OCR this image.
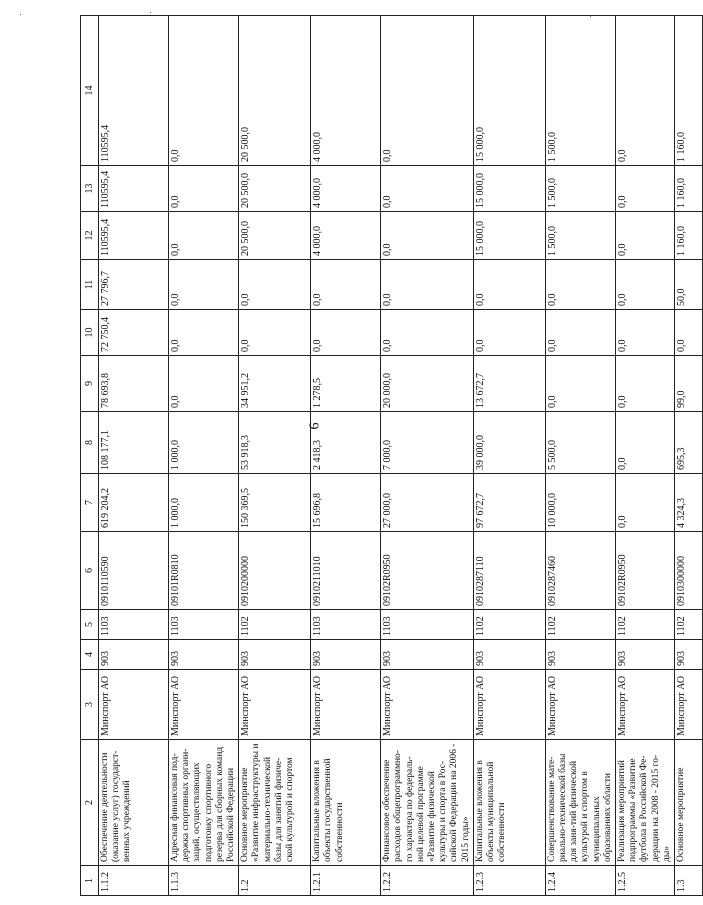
6
1	2	3	4	5	6	7	8	9	10	11	12	13	14
1.1.2	Обеспечение деятельности (оказание услуг) государст-венных учреждений	Минспорт АО	903	1103	0910110590	619 204,2	108 177,1	78 693,8	72 750,4	27 796,7	110595,4	110595,4	110595,4
1.1.3	Адресная финансовая под-держка спортивных органи-заций, осуществляющих подготовку спортивного резерва для сборных команд Российской Федерации	Минспорт АО	903	1103	09101R0810	1 000,0	1 000,0	0,0	0,0	0,0	0,0	0,0	0,0
1.2	Основное мероприятие «Развитие инфраструктуры и материально-технической базы для занятий физиче-ской культурой и спортом	Минспорт АО	903	1102	0910200000	150 369,5	53 918,3	34 951,2	0,0	0,0	20 500,0	20 500,0	20 500,0
1.2.1	Капитальные вложения в объекты государственной собственности	Минспорт АО	903	1103	0910211010	15 696,8	2 418,3	1 278,5	0,0	0,0	4 000,0	4 000,0	4 000,0
1.2.2	Финансовое обеспечение расходов общепрограммно-го характера по федераль-ной целевой программе «Развитие физической культуры и спорта в Рос-сийской Федерации на 2006 - 2015 годы»	Минспорт АО	903	1103	09102R0950	27 000,0	7 000,0	20 000,0	0,0	0,0	0,0	0,0	0,0
1.2.3	Капитальные вложения в объекты муниципальной собственности	Минспорт АО	903	1102	0910287110	97 672,7	39 000,0	13 672,7	0,0	0,0	15 000,0	15 000,0	15 000,0
1.2.4	Совершенствование мате-риально-технической базы для заня-тий физической культурой и спортом в муниципальных образованиях области	Минспорт АО	903	1102	0910287460	10 000,0	5 500,0	0,0	0,0	0,0	1 500,0	1 500,0	1 500,0
1.2.5	Реализация мероприятий подпрограммы «Развитие футбола в Российской Фе-дерации на 2008 - 2015 го-ды»	Минспорт АО	903	1102	09102R0950	0,0	0,0	0,0	0,0	0,0	0,0	0,0	0,0
1.3	Основное мероприятие	Минспорт АО	903	1102	0910300000	4 324,3	695,3	99,0	0,0	50,0	1 160,0	1 160,0	1 160,0
